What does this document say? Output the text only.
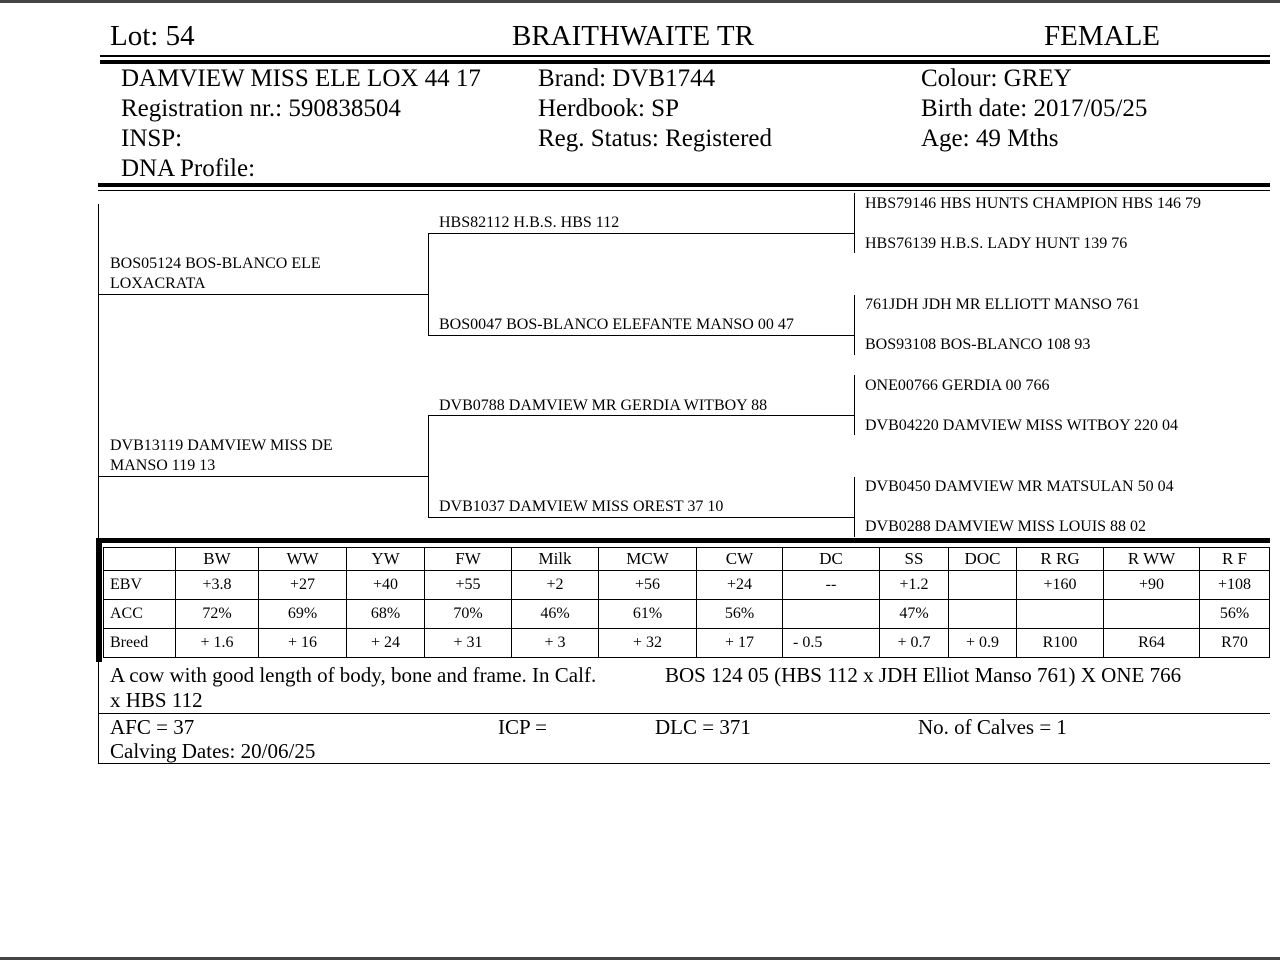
Lot: 54	BRAITHWAITE TR	FEMALE
DAMVIEW MISS ELE LOX 44 17
Registration nr.: 590838504
INSP:
DNA Profile:
Brand: DVB1744
Herdbook: SP
Reg. Status: Registered
Colour: GREY
Birth date: 2017/05/25
Age: 49 Mths
BOS05124 BOS-BLANCO ELE
LOXACRATA
DVB13119 DAMVIEW MISS DE
MANSO 119 13
HBS82112 H.B.S. HBS 112
BOS0047 BOS-BLANCO ELEFANTE MANSO 00 47
DVB0788 DAMVIEW MR GERDIA WITBOY 88
DVB1037 DAMVIEW MISS OREST 37 10
HBS79146 HBS HUNTS CHAMPION HBS 146 79
HBS76139 H.B.S. LADY HUNT 139 76
761JDH JDH MR ELLIOTT MANSO 761
BOS93108 BOS-BLANCO 108 93
ONE00766 GERDIA 00 766
DVB04220 DAMVIEW MISS WITBOY 220 04
DVB0450 DAMVIEW MR MATSULAN 50 04
DVB0288 DAMVIEW MISS LOUIS 88 02
	BW	WW	YW	FW	Milk	MCW	CW	DC	SS	DOC	R RG	R WW	R F
EBV	+3.8	+27	+40	+55	+2	+56	+24	--	+1.2		+160	+90	+108
ACC	72%	69%	68%	70%	46%	61%	56%		47%				56%
Breed	+ 1.6	+ 16	+ 24	+ 31	+ 3	+ 32	+ 17	- 0.5	+ 0.7	+ 0.9	R100	R64	R70
A cow with good length of body, bone and frame. In Calf.	BOS 124 05 (HBS 112 x JDH Elliot Manso 761) X ONE 766
x HBS 112
AFC = 37	ICP =	DLC = 371	No. of Calves = 1
Calving Dates: 20/06/25
